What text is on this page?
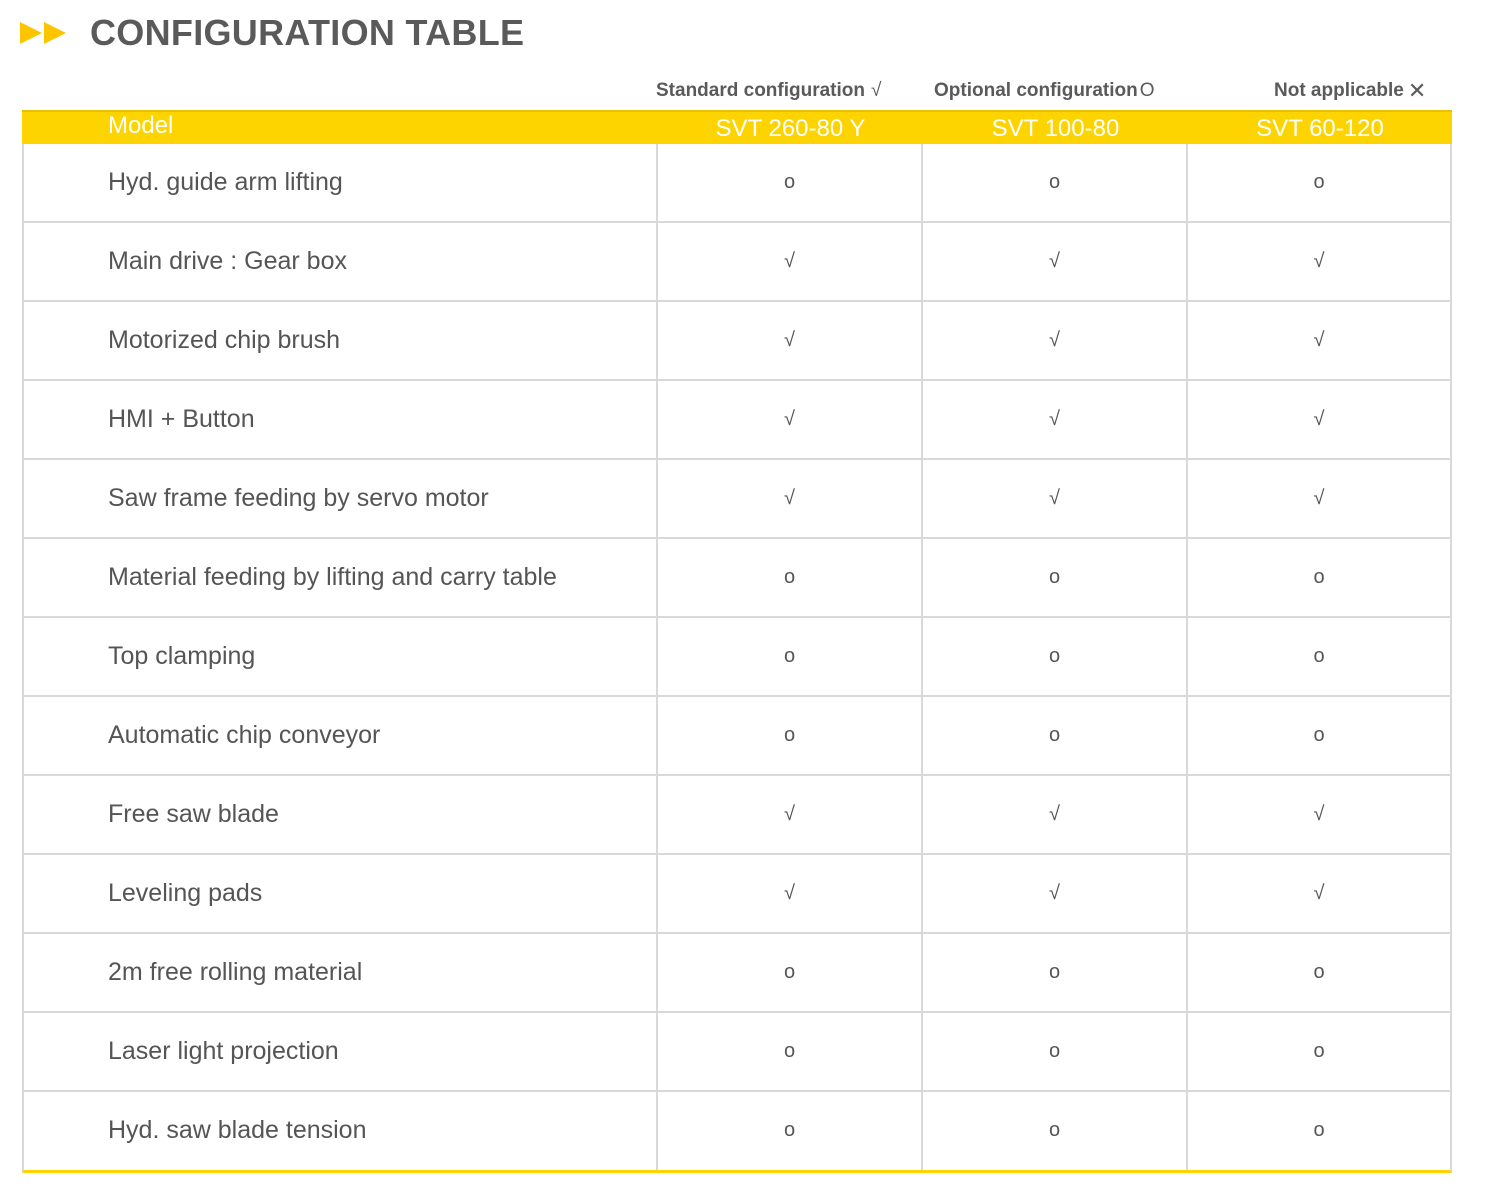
CONFIGURATION TABLE
Standard configuration √	Optional configuration O	Not applicable ✕
Model	SVT 260-80 Y	SVT 100-80	SVT 60-120
Hyd. guide arm lifting	o	o	o
Main drive : Gear box	√	√	√
Motorized chip brush	√	√	√
HMI + Button	√	√	√
Saw frame feeding by servo motor	√	√	√
Material feeding by lifting and carry table	o	o	o
Top clamping	o	o	o
Automatic chip conveyor	o	o	o
Free saw blade	√	√	√
Leveling pads	√	√	√
2m free rolling material	o	o	o
Laser light projection	o	o	o
Hyd. saw blade tension	o	o	o
